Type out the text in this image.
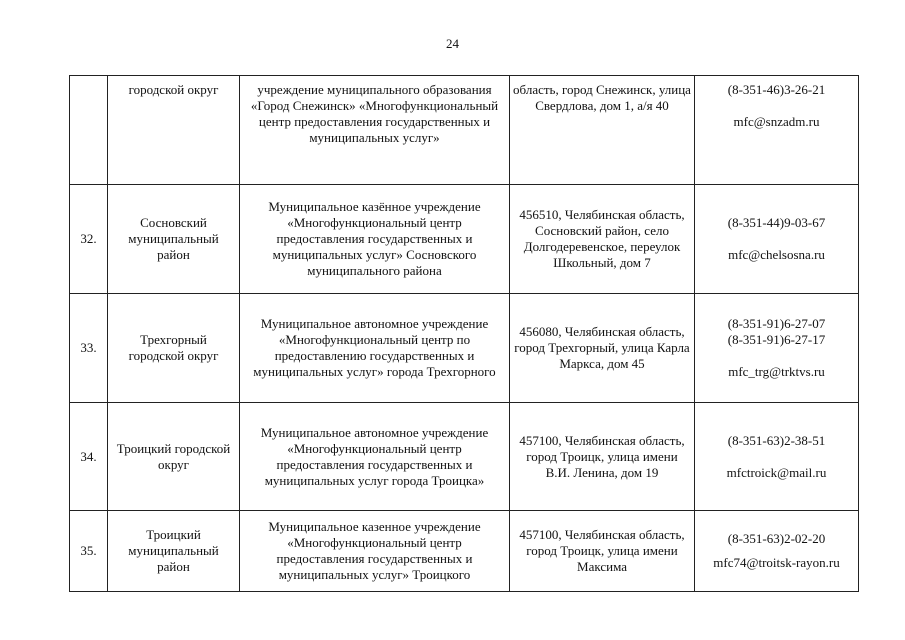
24
	городской округ	учреждение муниципального образования «Город Снежинск» «Многофункциональный центр предоставления государственных и муниципальных услуг»	область, город Снежинск, улица Свердлова, дом 1, а/я 40	(8-351-46)3-26-21
mfc@snzadm.ru

32.	Сосновский муниципальный район	Муниципальное казённое учреждение «Многофункциональный центр предоставления государственных и муниципальных услуг» Сосновского муниципального района	456510, Челябинская область, Сосновский район, село Долгодеревенское, переулок Школьный, дом 7	(8-351-44)9-03-67
mfc@chelsosna.ru

33.	Трехгорный городской округ	Муниципальное автономное учреждение «Многофункциональный центр по предоставлению государственных и муниципальных услуг» города Трехгорного	456080, Челябинская область, город Трехгорный, улица Карла Маркса, дом 45	(8-351-91)6-27-07
(8-351-91)6-27-17
mfc_trg@trktvs.ru

34.	Троицкий городской округ	Муниципальное автономное учреждение «Многофункциональный центр предоставления государственных и муниципальных услуг города Троицка»	457100, Челябинская область, город Троицк, улица имени В.И. Ленина, дом 19	(8-351-63)2-38-51
mfctroick@mail.ru

35.	Троицкий муниципальный район	Муниципальное казенное учреждение «Многофункциональный центр предоставления государственных и муниципальных услуг» Троицкого	457100, Челябинская область, город Троицк, улица имени Максима	(8-351-63)2-02-20
mfc74@troitsk-rayon.ru
